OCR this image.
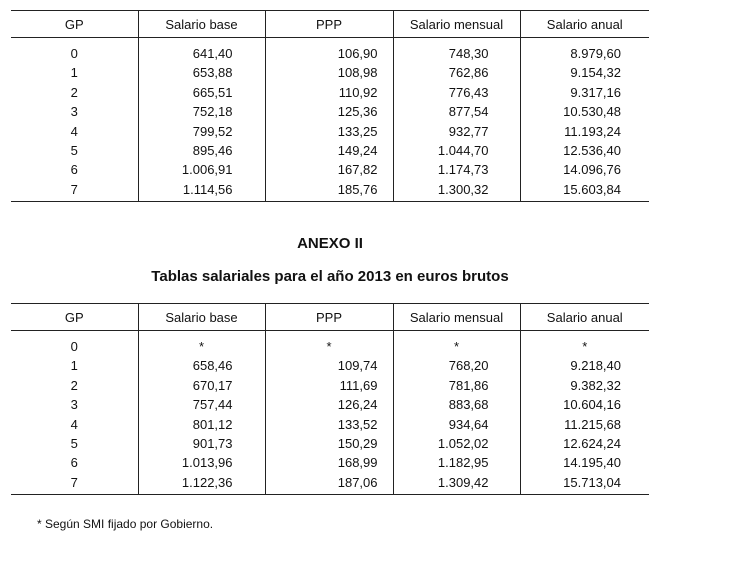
GP	Salario base	PPP	Salario mensual	Salario anual
0	641,40	106,90	748,30	8.979,60
1	653,88	108,98	762,86	9.154,32
2	665,51	110,92	776,43	9.317,16
3	752,18	125,36	877,54	10.530,48
4	799,52	133,25	932,77	11.193,24
5	895,46	149,24	1.044,70	12.536,40
6	1.006,91	167,82	1.174,73	14.096,76
7	1.114,56	185,76	1.300,32	15.603,84
ANEXO II
Tablas salariales para el año 2013 en euros brutos
GP	Salario base	PPP	Salario mensual	Salario anual
0	*	*	*	*
1	658,46	109,74	768,20	9.218,40
2	670,17	111,69	781,86	9.382,32
3	757,44	126,24	883,68	10.604,16
4	801,12	133,52	934,64	11.215,68
5	901,73	150,29	1.052,02	12.624,24
6	1.013,96	168,99	1.182,95	14.195,40
7	1.122,36	187,06	1.309,42	15.713,04
* Según SMI fijado por Gobierno.
